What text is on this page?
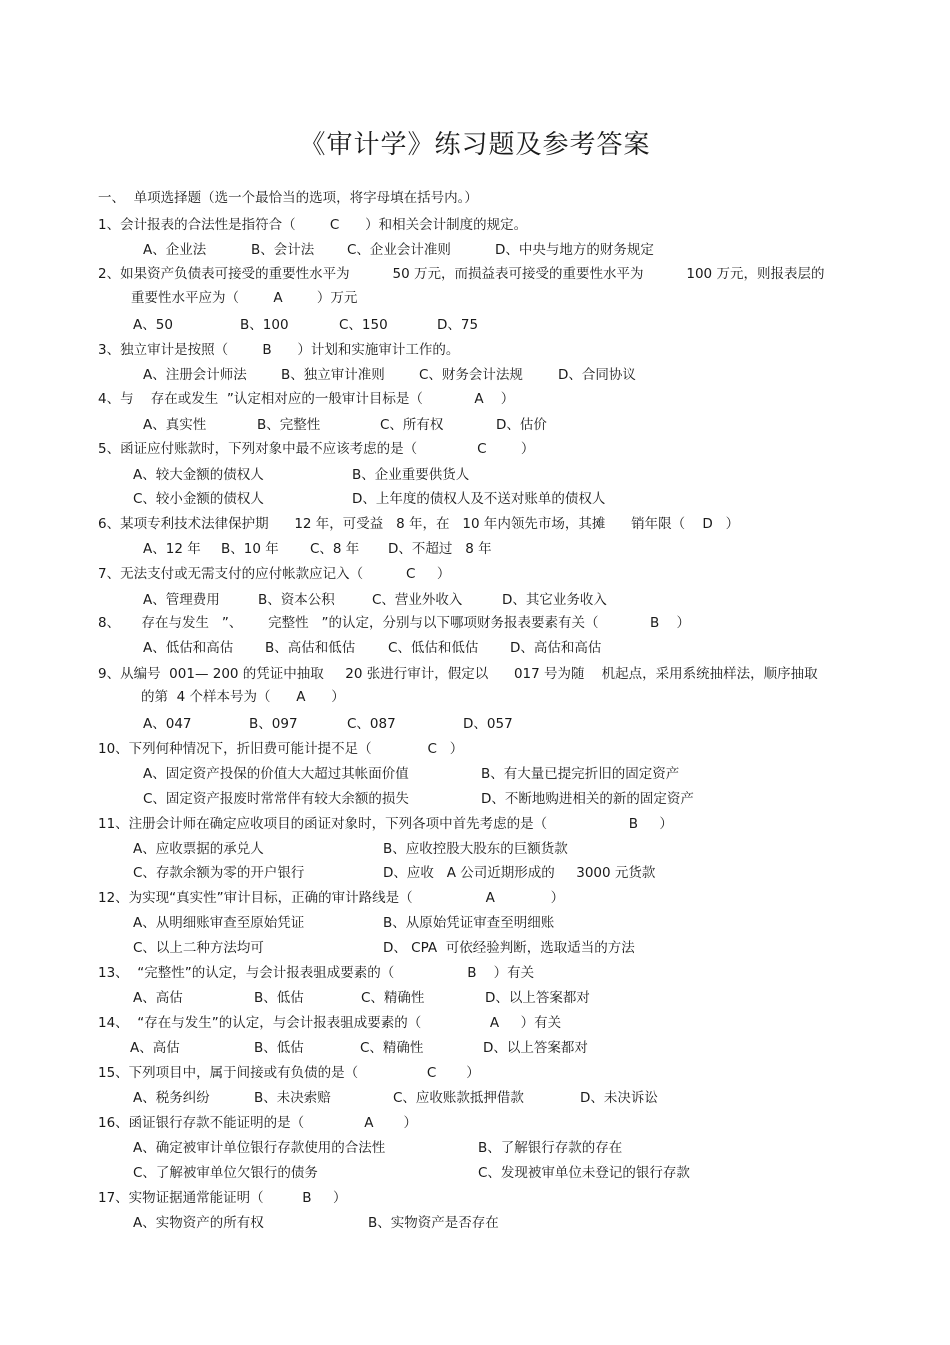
《审计学》练习题及参考答案
一、  单项选择题（选一个最恰当的选项，将字母填在括号内。）
1、会计报表的合法性是指符合（        C      ）和相关会计制度的规定。
A、企业法	B、会计法 C、企业会计准则	D、中央与地方的财务规定
2、如果资产负债表可接受的重要性水平为          50 万元，而损益表可接受的重要性水平为          100 万元，则报表层的
重要性水平应为（        A        ）万元
A、50	B、100	C、150	D、75
3、独立审计是按照（        B      ）计划和实施审计工作的。
A、注册会计师法	B、独立审计准则	C、财务会计法规	D、合同协议
4、与    存在或发生  ”认定相对应的一般审计目标是（            A    ）
A、真实性	B、完整性	C、所有权	D、估价
5、函证应付账款时，下列对象中最不应该考虑的是（              C        ）
A、较大金额的债权人	B、企业重要供货人
C、较小金额的债权人	D、上年度的债权人及不送对账单的债权人
6、某项专利技术法律保护期      12 年，可受益   8 年，在   10 年内领先市场，其摊      销年限（    D   ）
A、12 年 B、10 年 C、8 年 D、不超过   8 年
7、无法支付或无需支付的应付帐款应记入（          C     ）
A、管理费用	B、资本公积	C、营业外收入	D、其它业务收入
8、     存在与发生   ”、      完整性   ”的认定，分别与以下哪项财务报表要素有关（            B    ）
A、低估和高估 B、高估和低估 C、低估和低估 D、高估和高估
9、从编号  001— 200 的凭证中抽取     20 张进行审计，假定以      017 号为随    机起点，采用系统抽样法，顺序抽取
的第  4 个样本号为（      A      ）
A、047	B、097	C、087	D、057
10、下列何种情况下，折旧费可能计提不足（             C   ）
A、固定资产投保的价值大大超过其帐面价值	B、有大量已提完折旧的固定资产
C、固定资产报废时常常伴有较大余额的损失	D、不断地购进相关的新的固定资产
11、注册会计师在确定应收项目的函证对象时，下列各项中首先考虑的是（                   B     ）
A、应收票据的承兑人	B、应收控股大股东的巨额货款
C、存款余额为零的开户银行	D、应收   A 公司近期形成的     3000 元货款
12、为实现“真实性”审计目标，正确的审计路线是（                 A             ）
A、从明细账审查至原始凭证	B、从原始凭证审查至明细账
C、以上二种方法均可	D、 CPA  可依经验判断，选取适当的方法
13、  “完整性”的认定，与会计报表驵成要素的（                 B    ）有关
A、高估	B、低估	C、精确性	D、以上答案都对
14、  “存在与发生”的认定，与会计报表驵成要素的（                A     ）有关
A、高估	B、低估	C、精确性	D、以上答案都对
15、下列项目中，属于间接或有负债的是（                C       ）
A、税务纠纷	B、未决索赔	C、应收账款抵押借款	D、未决诉讼
16、函证银行存款不能证明的是（              A       ）
A、确定被审计单位银行存款使用的合法性	B、了解银行存款的存在
C、了解被审单位欠银行的债务	C、发现被审单位未登记的银行存款
17、实物证据通常能证明（         B     ）
A、实物资产的所有权	B、实物资产是否存在
